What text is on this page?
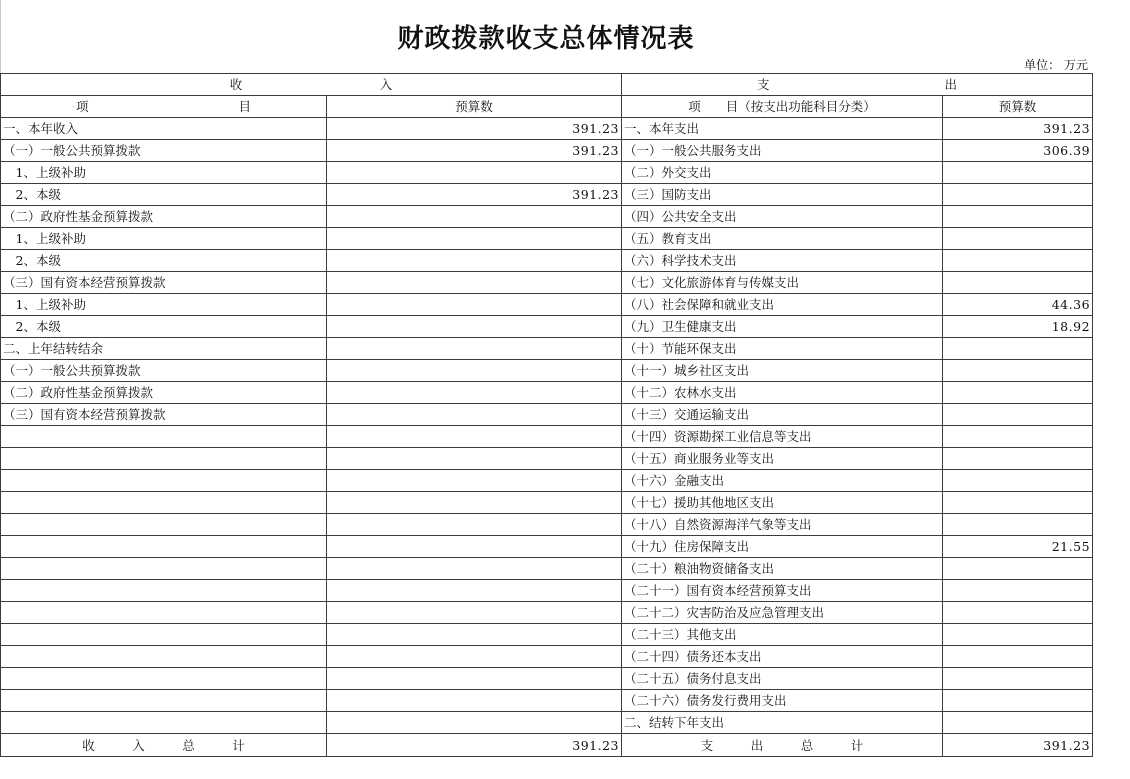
财政拨款收支总体情况表
单位： 万元
收　　　　　　　　　　　入		支　　　　　　　　　　　　　　出	
项　　　　　　　　　　　　目	预算数	项　　目（按支出功能科目分类）	预算数
一、本年收入	391.23	一、本年支出	391.23
（一）一般公共预算拨款	391.23	（一）一般公共服务支出	306.39
　1、上级补助		（二）外交支出	
　2、本级	391.23	（三）国防支出	
（二）政府性基金预算拨款		（四）公共安全支出	
　1、上级补助		（五）教育支出	
　2、本级		（六）科学技术支出	
（三）国有资本经营预算拨款		（七）文化旅游体育与传媒支出	
　1、上级补助		（八）社会保障和就业支出	44.36
　2、本级		（九）卫生健康支出	18.92
二、上年结转结余		（十）节能环保支出	
（一）一般公共预算拨款		（十一）城乡社区支出	
（二）政府性基金预算拨款		（十二）农林水支出	
（三）国有资本经营预算拨款		（十三）交通运输支出	
		（十四）资源勘探工业信息等支出	
		（十五）商业服务业等支出	
		（十六）金融支出	
		（十七）援助其他地区支出	
		（十八）自然资源海洋气象等支出	
		（十九）住房保障支出	21.55
		（二十）粮油物资储备支出	
		（二十一）国有资本经营预算支出	
		（二十二）灾害防治及应急管理支出	
		（二十三）其他支出	
		（二十四）债务还本支出	
		（二十五）债务付息支出	
		（二十六）债务发行费用支出	
		二、结转下年支出	
收　　　入　　　总　　　计	391.23	支　　　出　　　总　　　计	391.23
